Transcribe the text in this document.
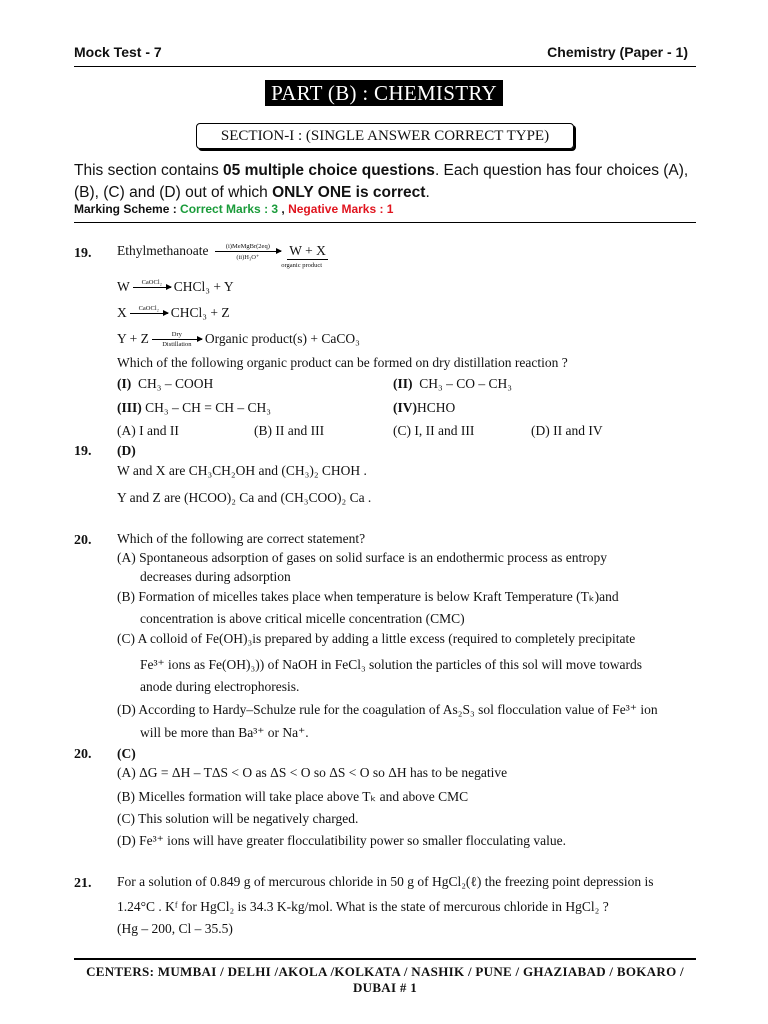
Mock Test - 7	Chemistry (Paper - 1)
PART (B) : CHEMISTRY
SECTION-I : (SINGLE ANSWER CORRECT TYPE)
This section contains 05 multiple choice questions. Each question has four choices (A), (B), (C) and (D) out of which ONLY ONE is correct.
Marking Scheme : Correct Marks : 3 , Negative Marks : 1
19. Ethylmethanoate	(i)MeMgBr(2eq)
(ii)H₃O⁺	W + X
organic product
W	CaOCl₂ CHCl₃ + Y
X	CaOCl₂ CHCl₃ + Z
Y + Z	Dry
Distillation Organic product(s) + CaCO₃
Which of the following organic product can be formed on dry distillation reaction ?
(I) CH₃ – COOH	(II) CH₃ – CO – CH₃
(III) CH₃ – CH = CH – CH₃	(IV)HCHO
(A) I and II	(B) II and III	(C) I, II and III	(D) II and IV
19. (D)
W and X are CH₃CH₂OH and (CH₃)₂ CHOH .
Y and Z are (HCOO)₂ Ca and (CH₃COO)₂ Ca .
20. Which of the following are correct statement?
(A) Spontaneous adsorption of gases on solid surface is an endothermic process as entropy
decreases during adsorption
(B) Formation of micelles takes place when temperature is below Kraft Temperature (Tₖ)and
concentration is above critical micelle concentration (CMC)
(C) A colloid of Fe(OH)₃is prepared by adding a little excess (required to completely precipitate
Fe³⁺ ions as Fe(OH)₃)) of NaOH in FeCl₃ solution the particles of this sol will move towards
anode during electrophoresis.
(D) According to Hardy–Schulze rule for the coagulation of As₂S₃ sol flocculation value of Fe³⁺ ion
will be more than Ba³⁺ or Na⁺.
20. (C)
(A) ΔG = ΔH – TΔS < O as ΔS < O so ΔS < O so ΔH has to be negative
(B) Micelles formation will take place above Tₖ and above CMC
(C) This solution will be negatively charged.
(D) Fe³⁺ ions will have greater flocculatibility power so smaller flocculating value.
21. For a solution of 0.849 g of mercurous chloride in 50 g of HgCl₂(ℓ) the freezing point depression is
1.24°C . Kᶠ for HgCl₂ is 34.3 K-kg/mol. What is the state of mercurous chloride in HgCl₂ ?
(Hg – 200, Cl – 35.5)
CENTERS: MUMBAI / DELHI /AKOLA /KOLKATA / NASHIK / PUNE / GHAZIABAD / BOKARO / DUBAI # 1
